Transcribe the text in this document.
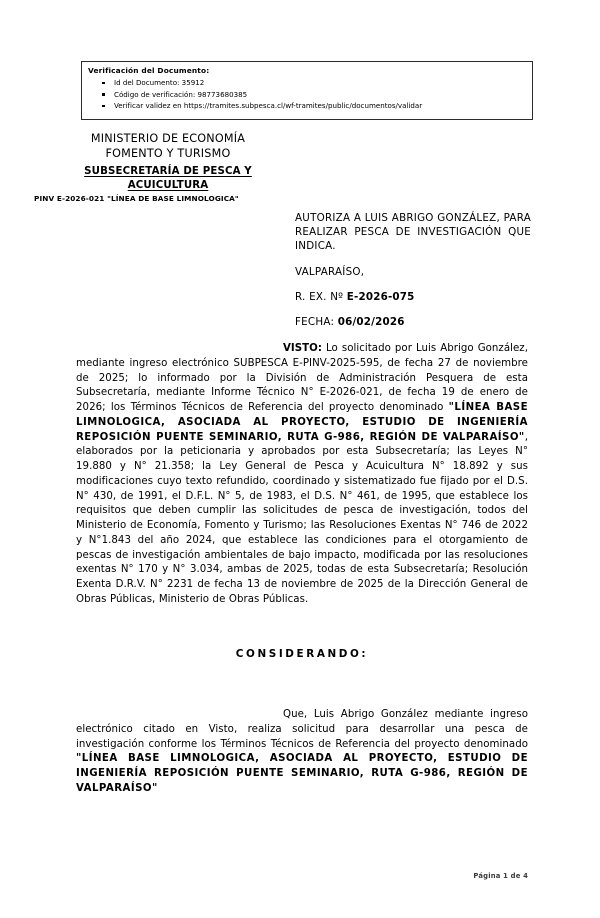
Verificación del Documento:
Id del Documento: 35912
Código de verificación: 98773680385
Verificar validez en https://tramites.subpesca.cl/wf-tramites/public/documentos/validar
MINISTERIO DE ECONOMÍA
FOMENTO Y TURISMO
SUBSECRETARÍA DE PESCA Y
ACUICULTURA
PINV E-2026-021 "LÍNEA DE BASE LIMNOLOGICA"
AUTORIZA A LUIS ABRIGO GONZÁLEZ, PARA REALIZAR PESCA DE INVESTIGACIÓN QUE INDICA.
VALPARAÍSO,
R. EX. Nº E-2026-075
FECHA: 06/02/2026
VISTO: Lo solicitado por Luis Abrigo González, mediante ingreso electrónico SUBPESCA E-PINV-2025-595, de fecha 27 de noviembre de 2025; lo informado por la División de Administración Pesquera de esta Subsecretaría, mediante Informe Técnico N° E-2026-021, de fecha 19 de enero de 2026; los Términos Técnicos de Referencia del proyecto denominado "LÍNEA BASE LIMNOLOGICA, ASOCIADA AL PROYECTO, ESTUDIO DE INGENIERÍA REPOSICIÓN PUENTE SEMINARIO, RUTA G-986, REGIÓN DE VALPARAÍSO", elaborados por la peticionaria y aprobados por esta Subsecretaría; las Leyes N° 19.880 y N° 21.358; la Ley General de Pesca y Acuicultura N° 18.892 y sus modificaciones cuyo texto refundido, coordinado y sistematizado fue fijado por el D.S. N° 430, de 1991, el D.F.L. N° 5, de 1983, el D.S. N° 461, de 1995, que establece los requisitos que deben cumplir las solicitudes de pesca de investigación, todos del Ministerio de Economía, Fomento y Turismo; las Resoluciones Exentas N° 746 de 2022 y N°1.843 del año 2024, que establece las condiciones para el otorgamiento de pescas de investigación ambientales de bajo impacto, modificada por las resoluciones exentas N° 170 y N° 3.034, ambas de 2025, todas de esta Subsecretaría; Resolución Exenta D.R.V. N° 2231 de fecha 13 de noviembre de 2025 de la Dirección General de Obras Públicas, Ministerio de Obras Públicas.
CONSIDERANDO:
Que, Luis Abrigo González mediante ingreso electrónico citado en Visto, realiza solicitud para desarrollar una pesca de investigación conforme los Términos Técnicos de Referencia del proyecto denominado "LÍNEA BASE LIMNOLOGICA, ASOCIADA AL PROYECTO, ESTUDIO DE INGENIERÍA REPOSICIÓN PUENTE SEMINARIO, RUTA G-986, REGIÓN DE VALPARAÍSO"
Página 1 de 4
